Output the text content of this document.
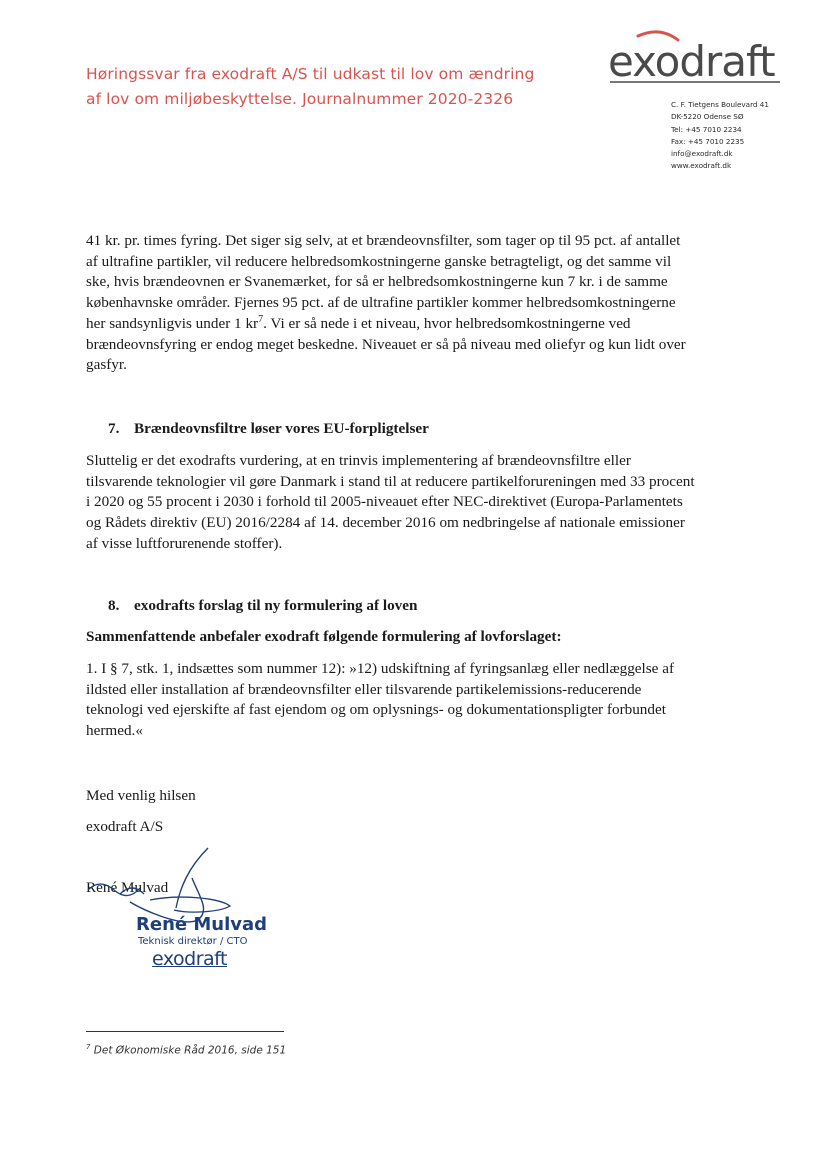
Høringssvar fra exodraft A/S til udkast til lov om ændring
af lov om miljøbeskyttelse. Journalnummer 2020-2326
exodraft
C. F. Tietgens Boulevard 41
DK-5220 Odense SØ
Tel: +45 7010 2234
Fax: +45 7010 2235
info@exodraft.dk
www.exodraft.dk
41 kr. pr. times fyring. Det siger sig selv, at et brændeovnsfilter, som tager op til 95 pct. af antallet
af ultrafine partikler, vil reducere helbredsomkostningerne ganske betragteligt, og det samme vil
ske, hvis brændeovnen er Svanemærket, for så er helbredsomkostningerne kun 7 kr. i de samme
københavnske områder. Fjernes 95 pct. af de ultrafine partikler kommer helbredsomkostningerne
her sandsynligvis under 1 $kr^7$. Vi er så nede i et niveau, hvor helbredsomkostningerne ved
brændeovnsfyring er endog meget beskedne. Niveauet er så på niveau med oliefyr og kun lidt over
gasfyr.
7. Brændeovnsfiltre løser vores EU-forpligtelser
Sluttelig er det exodrafts vurdering, at en trinvis implementering af brændeovnsfiltre eller
tilsvarende teknologier vil gøre Danmark i stand til at reducere partikelforureningen med 33 procent
i 2020 og 55 procent i 2030 i forhold til 2005-niveauet efter NEC-direktivet (Europa-Parlamentets
og Rådets direktiv (EU) 2016/2284 af 14. december 2016 om nedbringelse af nationale emissioner
af visse luftforurenende stoffer).
8. exodrafts forslag til ny formulering af loven
Sammenfattende anbefaler exodraft følgende formulering af lovforslaget:
1. I § 7, stk. 1, indsættes som nummer 12): »12) udskiftning af fyringsanlæg eller nedlæggelse af
ildsted eller installation af brændeovnsfilter eller tilsvarende partikelemissions-reducerende
teknologi ved ejerskifte af fast ejendom og om oplysnings- og dokumentationspligter forbundet
hermed.«
Med venlig hilsen
exodraft A/S
René Mulvad
René Mulvad
Teknisk direktør / CTO
exodraft
$^7$ Det Økonomiske Råd 2016, side 151
